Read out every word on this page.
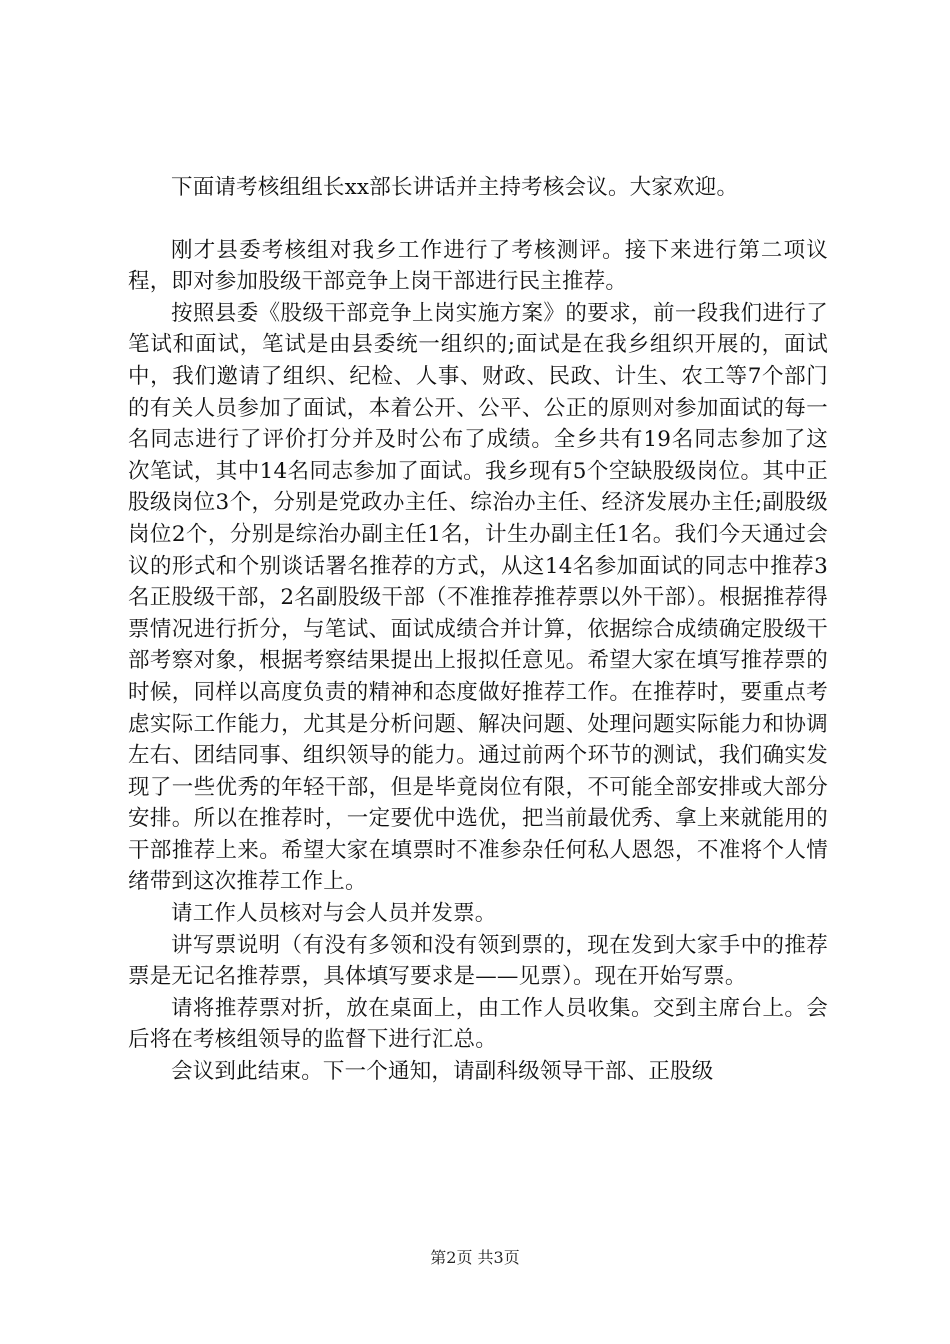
下面请考核组组长xx部长讲话并主持考核会议。大家欢迎。

刚才县委考核组对我乡工作进行了考核测评。接下来进行第二项议程，即对参加股级干部竞争上岗干部进行民主推荐。

按照县委《股级干部竞争上岗实施方案》的要求，前一段我们进行了笔试和面试，笔试是由县委统一组织的;面试是在我乡组织开展的，面试中，我们邀请了组织、纪检、人事、财政、民政、计生、农工等7个部门的有关人员参加了面试，本着公开、公平、公正的原则对参加面试的每一名同志进行了评价打分并及时公布了成绩。全乡共有19名同志参加了这次笔试，其中14名同志参加了面试。我乡现有5个空缺股级岗位。其中正股级岗位3个，分别是党政办主任、综治办主任、经济发展办主任;副股级岗位2个，分别是综治办副主任1名，计生办副主任1名。我们今天通过会议的形式和个别谈话署名推荐的方式，从这14名参加面试的同志中推荐3名正股级干部，2名副股级干部（不准推荐推荐票以外干部）。根据推荐得票情况进行折分，与笔试、面试成绩合并计算，依据综合成绩确定股级干部考察对象，根据考察结果提出上报拟任意见。希望大家在填写推荐票的时候，同样以高度负责的精神和态度做好推荐工作。在推荐时，要重点考虑实际工作能力，尤其是分析问题、解决问题、处理问题实际能力和协调左右、团结同事、组织领导的能力。通过前两个环节的测试，我们确实发现了一些优秀的年轻干部，但是毕竟岗位有限，不可能全部安排或大部分安排。所以在推荐时，一定要优中选优，把当前最优秀、拿上来就能用的干部推荐上来。希望大家在填票时不准参杂任何私人恩怨，不准将个人情绪带到这次推荐工作上。

请工作人员核对与会人员并发票。

讲写票说明（有没有多领和没有领到票的，现在发到大家手中的推荐票是无记名推荐票，具体填写要求是——见票）。现在开始写票。

请将推荐票对折，放在桌面上，由工作人员收集。交到主席台上。会后将在考核组领导的监督下进行汇总。

会议到此结束。下一个通知，请副科级领导干部、正股级

第2页 共3页
